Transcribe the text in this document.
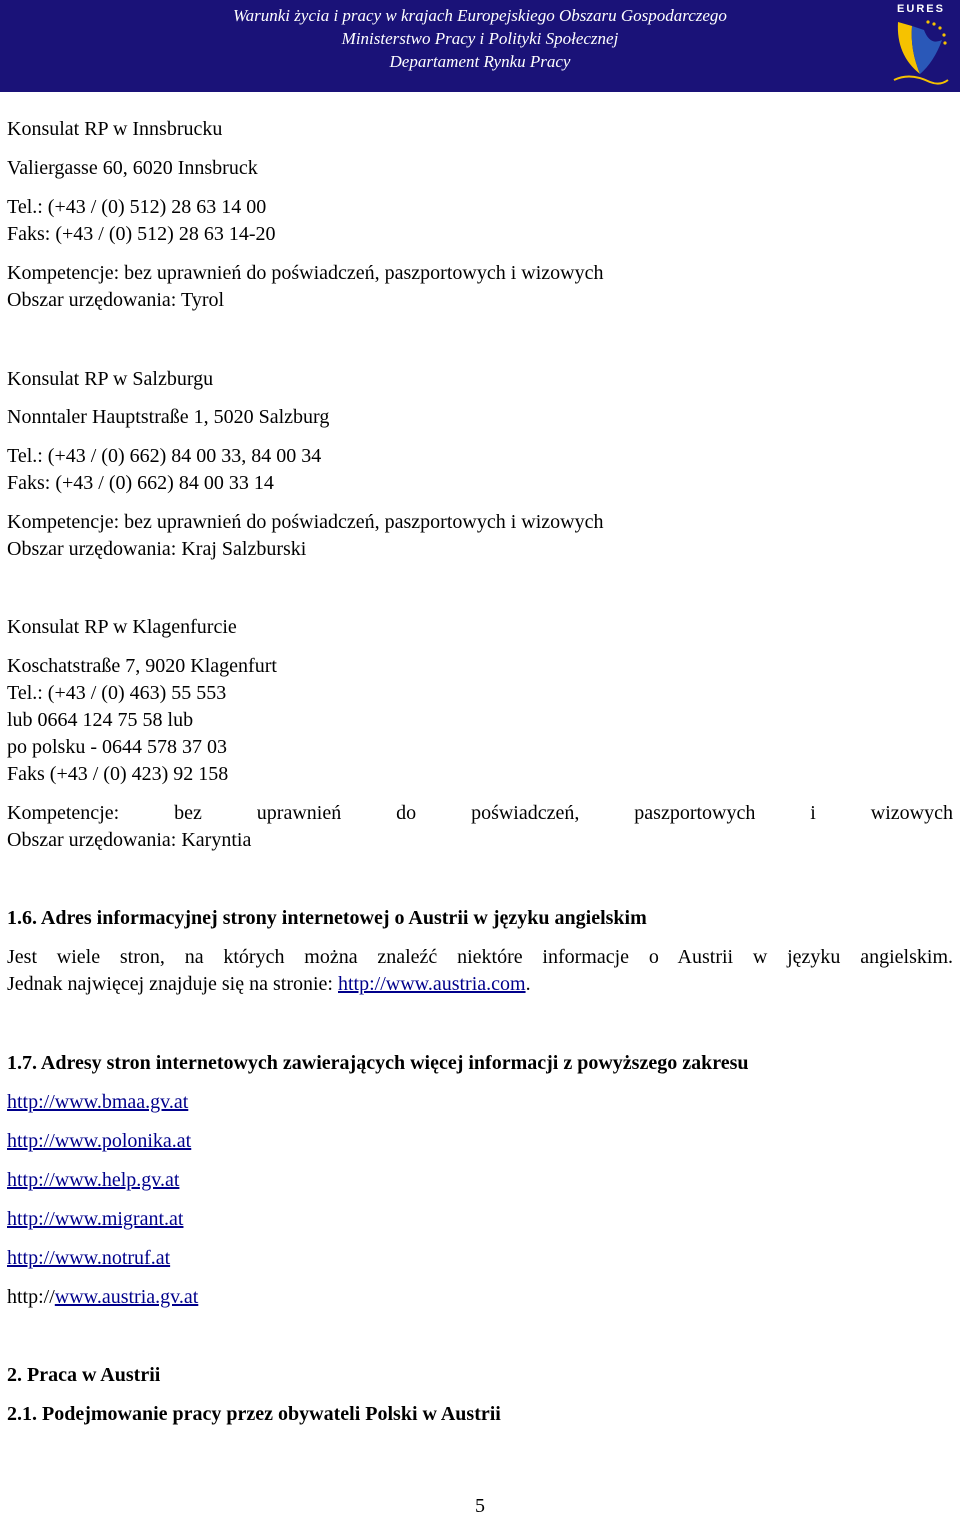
Warunki życia i pracy w krajach Europejskiego Obszaru Gospodarczego
Ministerstwo Pracy i Polityki Społecznej
Departament Rynku Pracy
EURES
Konsulat RP w Innsbrucku
Valiergasse 60, 6020 Innsbruck
Tel.: (+43 / (0) 512) 28 63 14 00
Faks: (+43 / (0) 512) 28 63 14-20
Kompetencje: bez uprawnień do poświadczeń, paszportowych i wizowych
Obszar urzędowania: Tyrol
Konsulat RP w Salzburgu
Nonntaler Hauptstraße 1, 5020 Salzburg
Tel.: (+43 / (0) 662) 84 00 33, 84 00 34
Faks: (+43 / (0) 662) 84 00 33 14
Kompetencje: bez uprawnień do poświadczeń, paszportowych i wizowych
Obszar urzędowania: Kraj Salzburski
Konsulat RP w Klagenfurcie
Koschatstraße 7, 9020 Klagenfurt
Tel.: (+43 / (0) 463) 55 553
lub 0664 124 75 58 lub
po polsku - 0644 578 37 03
Faks (+43 / (0) 423) 92 158
Kompetencje: bez uprawnień do poświadczeń, paszportowych i wizowych
Obszar urzędowania: Karyntia
1.6. Adres informacyjnej strony internetowej o Austrii w języku angielskim
Jest wiele stron, na których można znaleźć niektóre informacje o Austrii w języku angielskim.
Jednak najwięcej znajduje się na stronie: http://www.austria.com.
1.7. Adresy stron internetowych zawierających więcej informacji z powyższego zakresu
http://www.bmaa.gv.at
http://www.polonika.at
http://www.help.gv.at
http://www.migrant.at
http://www.notruf.at
http://www.austria.gv.at
2. Praca w Austrii
2.1. Podejmowanie pracy przez obywateli Polski w Austrii
5
